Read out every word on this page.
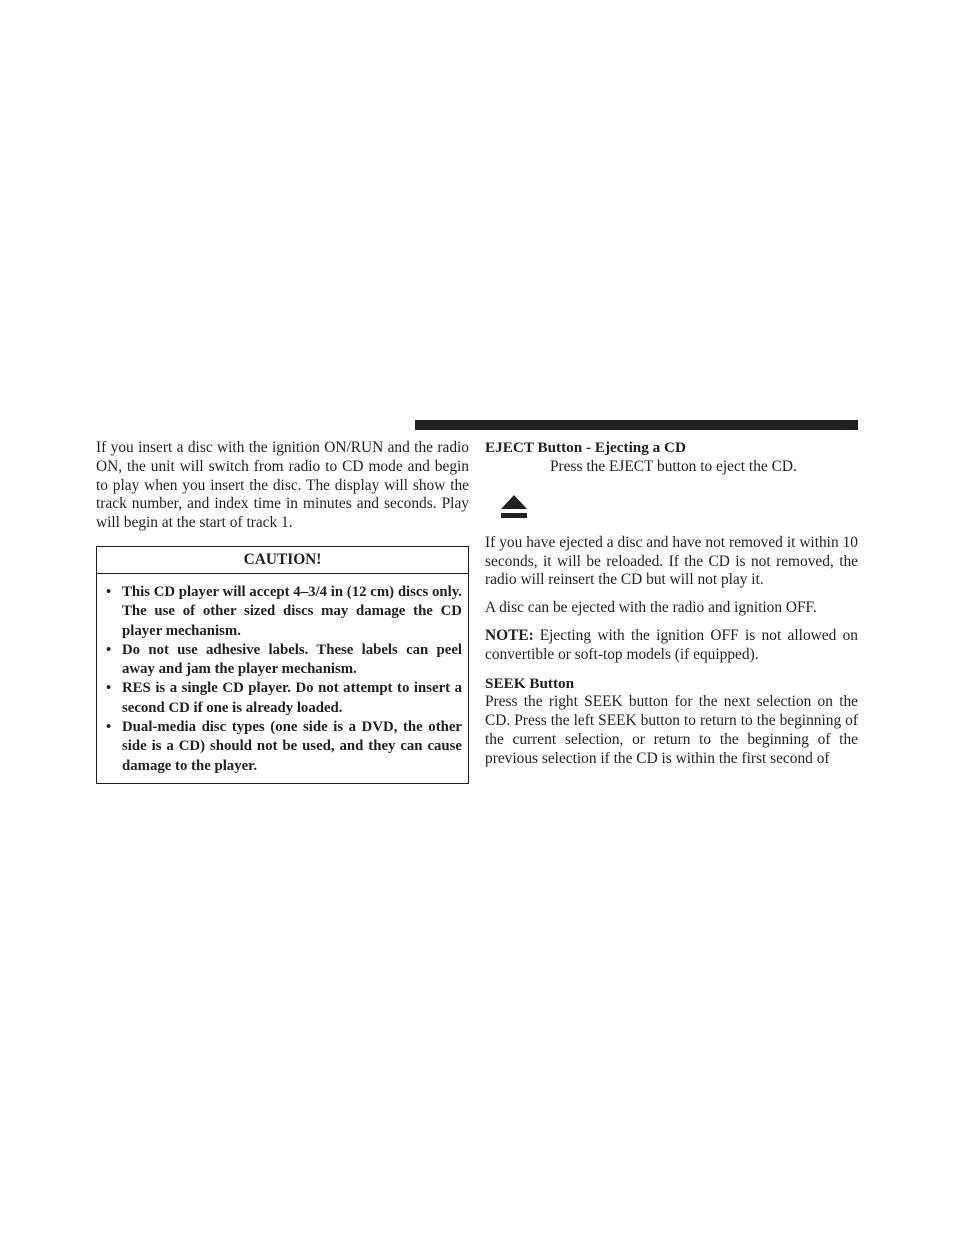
If you insert a disc with the ignition ON/RUN and the radio ON, the unit will switch from radio to CD mode and begin to play when you insert the disc. The display will show the track number, and index time in minutes and seconds. Play will begin at the start of track 1.

CAUTION!
• This CD player will accept 4–3/4 in (12 cm) discs only. The use of other sized discs may damage the CD player mechanism.
• Do not use adhesive labels. These labels can peel away and jam the player mechanism.
• RES is a single CD player. Do not attempt to insert a second CD if one is already loaded.
• Dual-media disc types (one side is a DVD, the other side is a CD) should not be used, and they can cause damage to the player.
EJECT Button - Ejecting a CD
Press the EJECT button to eject the CD.

If you have ejected a disc and have not removed it within 10 seconds, it will be reloaded. If the CD is not removed, the radio will reinsert the CD but will not play it.

A disc can be ejected with the radio and ignition OFF.

NOTE: Ejecting with the ignition OFF is not allowed on convertible or soft-top models (if equipped).

SEEK Button

Press the right SEEK button for the next selection on the CD. Press the left SEEK button to return to the beginning of the current selection, or return to the beginning of the previous selection if the CD is within the first second of
